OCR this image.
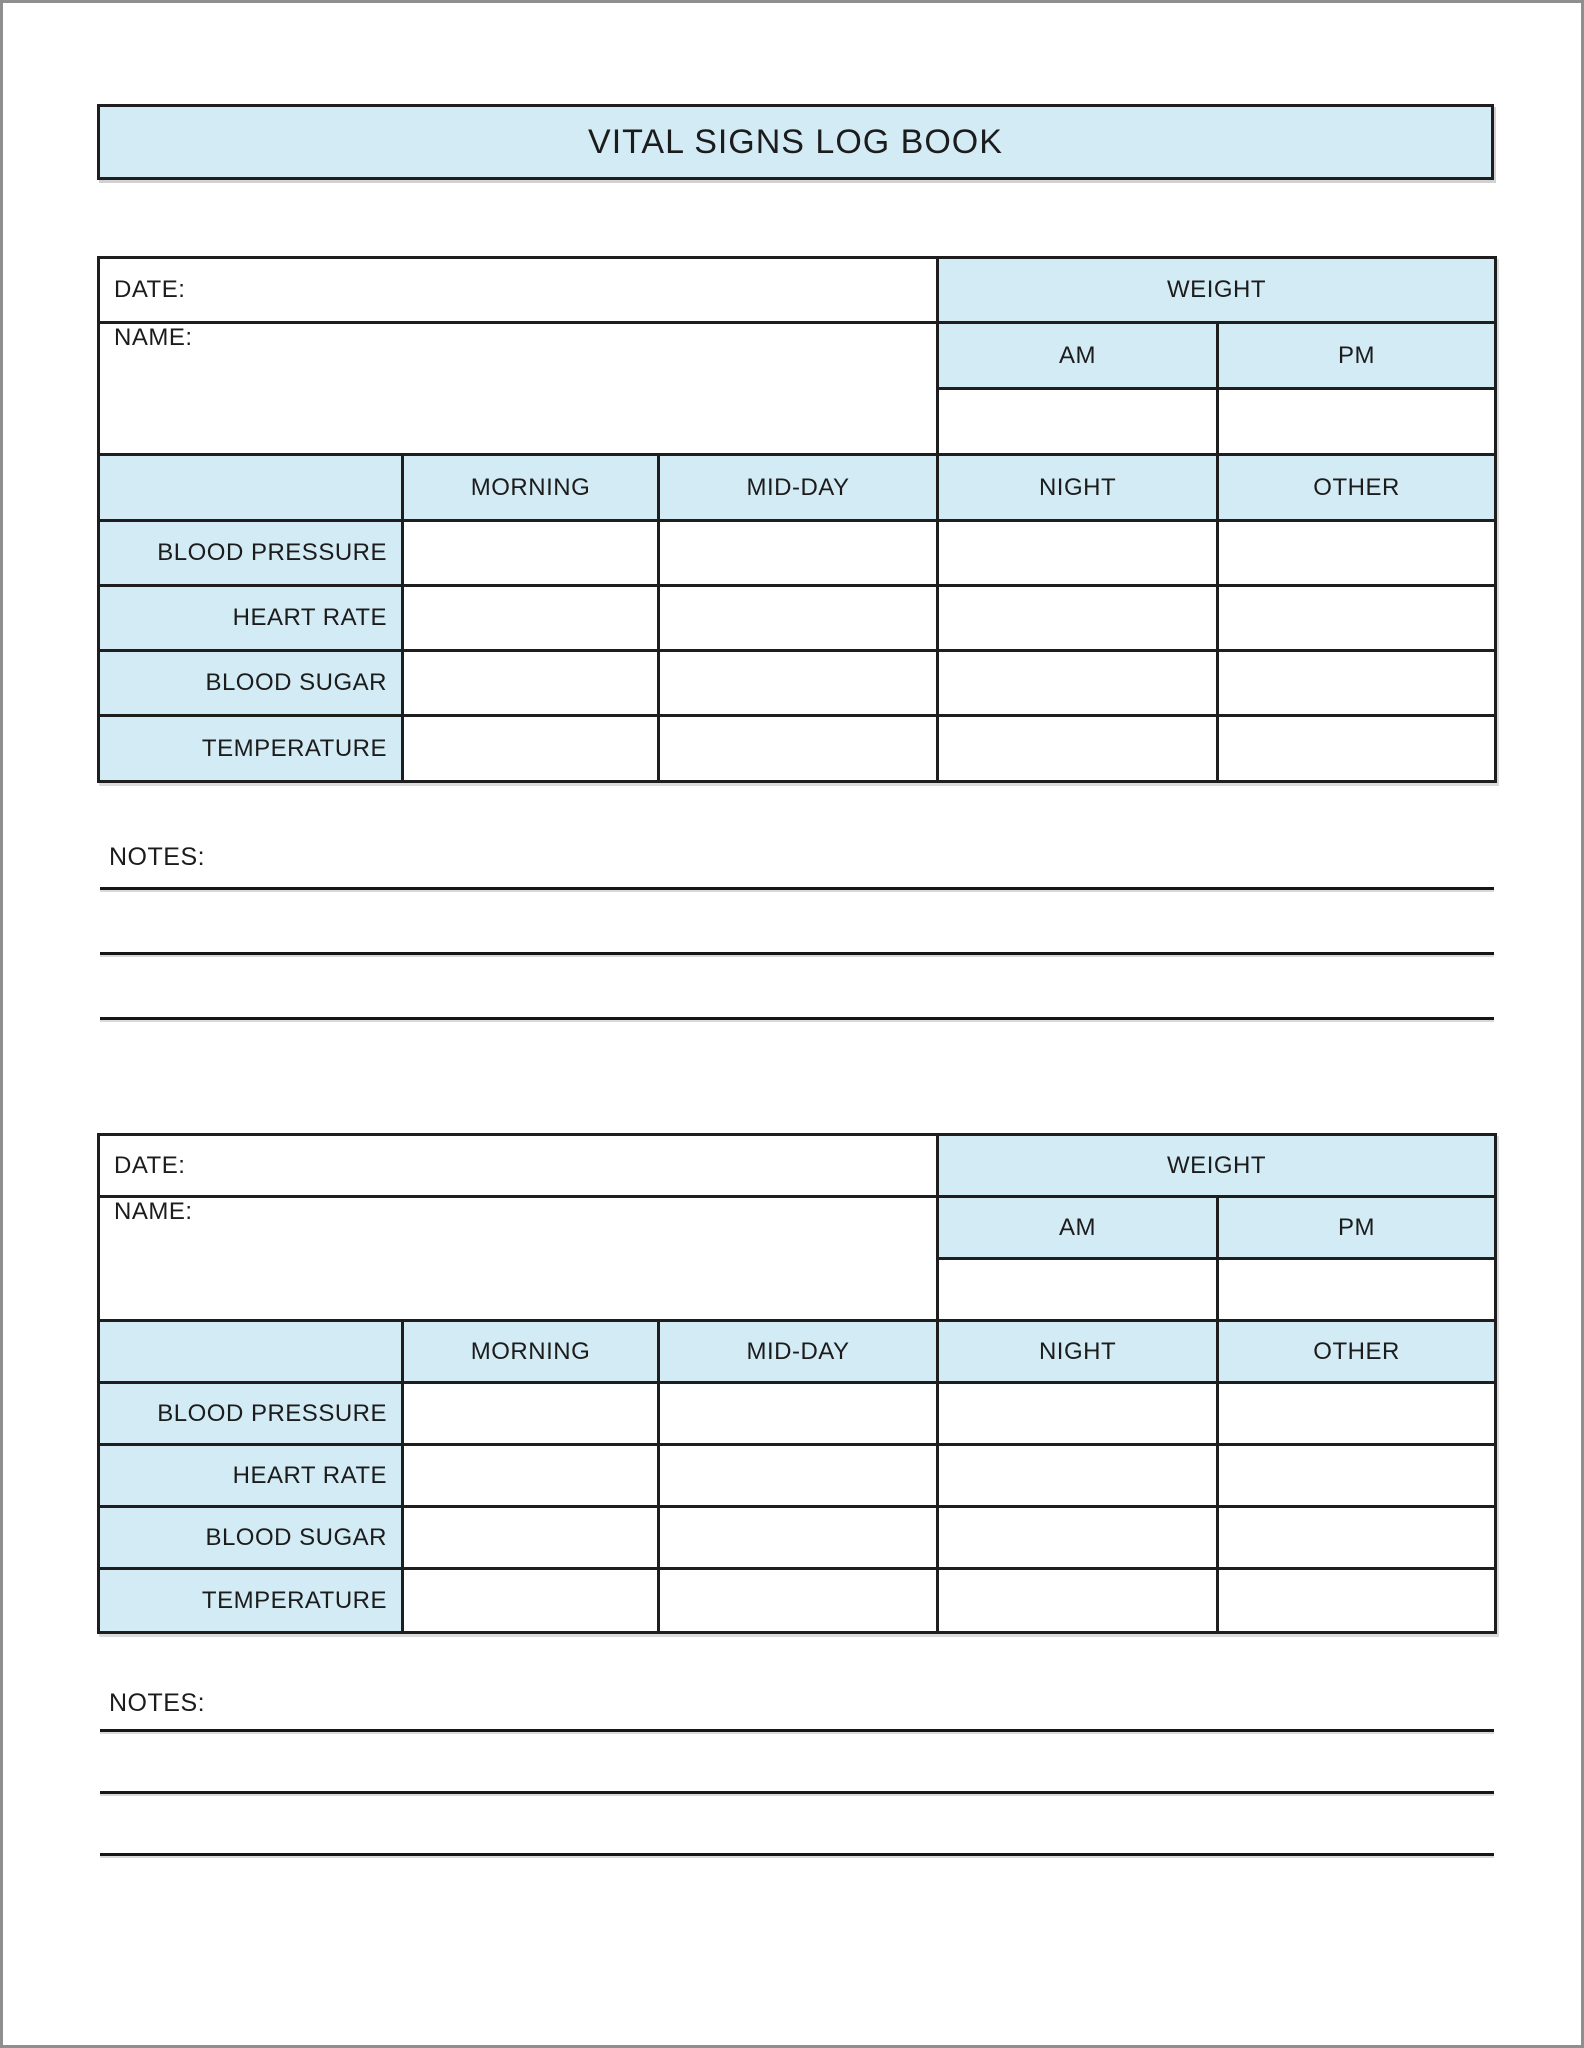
VITAL SIGNS LOG BOOK
DATE:			WEIGHT	
NAME:			AM	PM

	MORNING	MID-DAY	NIGHT	OTHER
BLOOD PRESSURE				
HEART RATE				
BLOOD SUGAR				
TEMPERATURE				
NOTES:
DATE:			WEIGHT	
NAME:			AM	PM

	MORNING	MID-DAY	NIGHT	OTHER
BLOOD PRESSURE				
HEART RATE				
BLOOD SUGAR				
TEMPERATURE				
NOTES:
